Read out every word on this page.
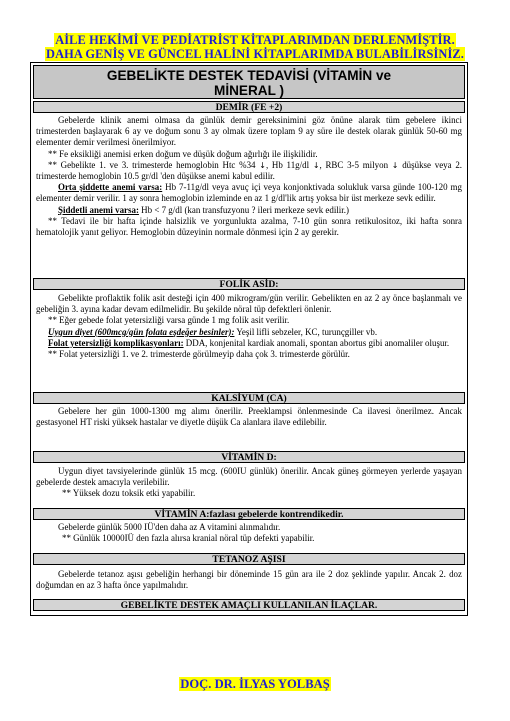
AİLE HEKİMİ VE PEDİATRİST KİTAPLARIMDAN DERLENMİŞTİR.
DAHA GENİŞ VE GÜNCEL HALİNİ KİTAPLARIMDA BULABİLİRSİNİZ.
GEBELİKTE DESTEK TEDAVİSİ (VİTAMİN ve
MİNERAL )
DEMİR (FE +2)

Gebelerde klinik anemi olmasa da günlük demir gereksinimini göz önüne alarak tüm gebelere ikinci trimesterden başlayarak 6 ay ve doğum sonu 3 ay olmak üzere toplam 9 ay süre ile destek olarak günlük 50-60 mg elementer demir verilmesi önerilmiyor.

** Fe eksikliği anemisi erken doğum ve düşük doğum ağırlığı ile ilişkilidir.

** Gebelikte 1. ve 3. trimesterde hemoglobin Htc %34 ↓, Hb 11g/dl ↓, RBC 3-5 milyon ↓ düşükse veya 2. trimesterde hemoglobin 10.5 gr/dl 'den düşükse anemi kabul edilir.

Orta şiddette anemi varsa: Hb 7-11g/dl veya avuç içi veya konjonktivada solukluk varsa günde 100-120 mg elementer demir verilir. 1 ay sonra hemoglobin izleminde en az 1 g/dl'lik artış yoksa bir üst merkeze sevk edilir.

Şiddetli anemi varsa: Hb < 7 g/dl (kan transfuzyonu ? ileri merkeze sevk edilir.)

** Tedavi ile bir hafta içinde halsizlik ve yorgunlukta azalma, 7-10 gün sonra retikulositoz, iki hafta sonra hematolojik yanıt geliyor. Hemoglobin düzeyinin normale dönmesi için 2 ay gerekir.

FOLİK ASİD:

Gebelikte proflaktik folik asit desteği için 400 mikrogram/gün verilir. Gebelikten en az 2 ay önce başlanmalı ve gebeliğin 3. ayına kadar devam edilmelidir. Bu şekilde nöral tüp defektleri önlenir.

** Eğer gebede folat yetersizliği varsa günde 1 mg folik asit verilir.

Uygun diyet (600mcg/gün folata eşdeğer besinler): Yeşil lifli sebzeler, KC, turunçgiller vb.

Folat yetersizliği komplikasyonları: DDA, konjenital kardiak anomali, spontan abortus gibi anomaliler oluşur.

** Folat yetersizliği 1. ve 2. trimesterde görülmeyip daha çok 3. trimesterde görülür.

KALSİYUM (CA)

Gebelere her gün 1000-1300 mg alımı önerilir. Preeklampsi önlenmesinde Ca ilavesi önerilmez. Ancak gestasyonel HT riski yüksek hastalar ve diyetle düşük Ca alanlara ilave edilebilir.

VİTAMİN D:

Uygun diyet tavsiyelerinde günlük 15 mcg. (600IU günlük) önerilir. Ancak güneş görmeyen yerlerde yaşayan gebelerde destek amacıyla verilebilir.

** Yüksek dozu toksik etki yapabilir.

VİTAMİN A:fazlası gebelerde kontrendikedir.

Gebelerde günlük 5000 IÜ'den daha az A vitamini alınmalıdır.

** Günlük 10000IÜ den fazla alırsa kranial nöral tüp defekti yapabilir.

TETANOZ AŞISI

Gebelerde tetanoz aşısı gebeliğin herhangi bir döneminde 15 gün ara ile 2 doz şeklinde yapılır. Ancak 2. doz doğumdan en az 3 hafta önce yapılmalıdır.

GEBELİKTE DESTEK AMAÇLI KULLANILAN İLAÇLAR.
DOÇ. DR. İLYAS YOLBAŞ
